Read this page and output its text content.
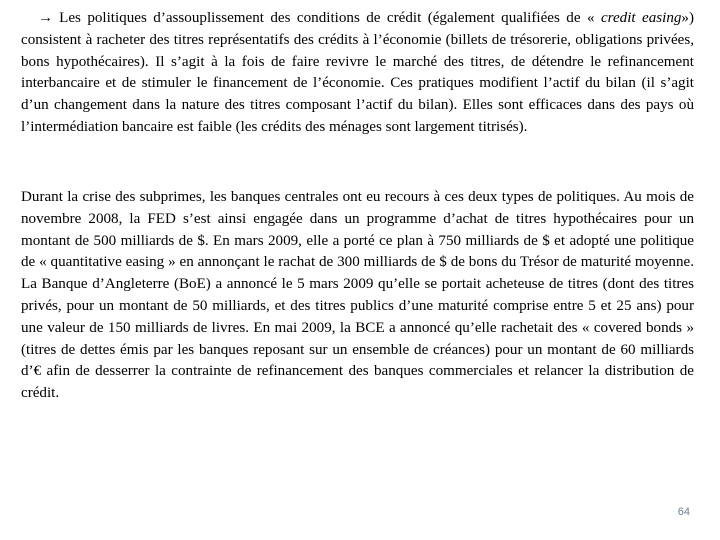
→ Les politiques d’assouplissement des conditions de crédit (également qualifiées de « credit easing») consistent à racheter des titres représentatifs des crédits à l’économie (billets de trésorerie, obligations privées, bons hypothécaires). Il s’agit à la fois de faire revivre le marché des titres, de détendre le refinancement interbancaire et de stimuler le financement de l’économie. Ces pratiques modifient l’actif du bilan (il s’agit d’un changement dans la nature des titres composant l’actif du bilan). Elles sont efficaces dans des pays où l’intermédiation bancaire est faible (les crédits des ménages sont largement titrisés).

Durant la crise des subprimes, les banques centrales ont eu recours à ces deux types de politiques. Au mois de novembre 2008, la FED s’est ainsi engagée dans un programme d’achat de titres hypothécaires pour un montant de 500 milliards de $. En mars 2009, elle a porté ce plan à 750 milliards de $ et adopté une politique de « quantitative easing » en annonçant le rachat de 300 milliards de $ de bons du Trésor de maturité moyenne. La Banque d’Angleterre (BoE) a annoncé le 5 mars 2009 qu’elle se portait acheteuse de titres (dont des titres privés, pour un montant de 50 milliards, et des titres publics d’une maturité comprise entre 5 et 25 ans) pour une valeur de 150 milliards de livres. En mai 2009, la BCE a annoncé qu’elle rachetait des « covered bonds » (titres de dettes émis par les banques reposant sur un ensemble de créances) pour un montant de 60 milliards d’€ afin de desserrer la contrainte de refinancement des banques commerciales et relancer la distribution de crédit.

64
